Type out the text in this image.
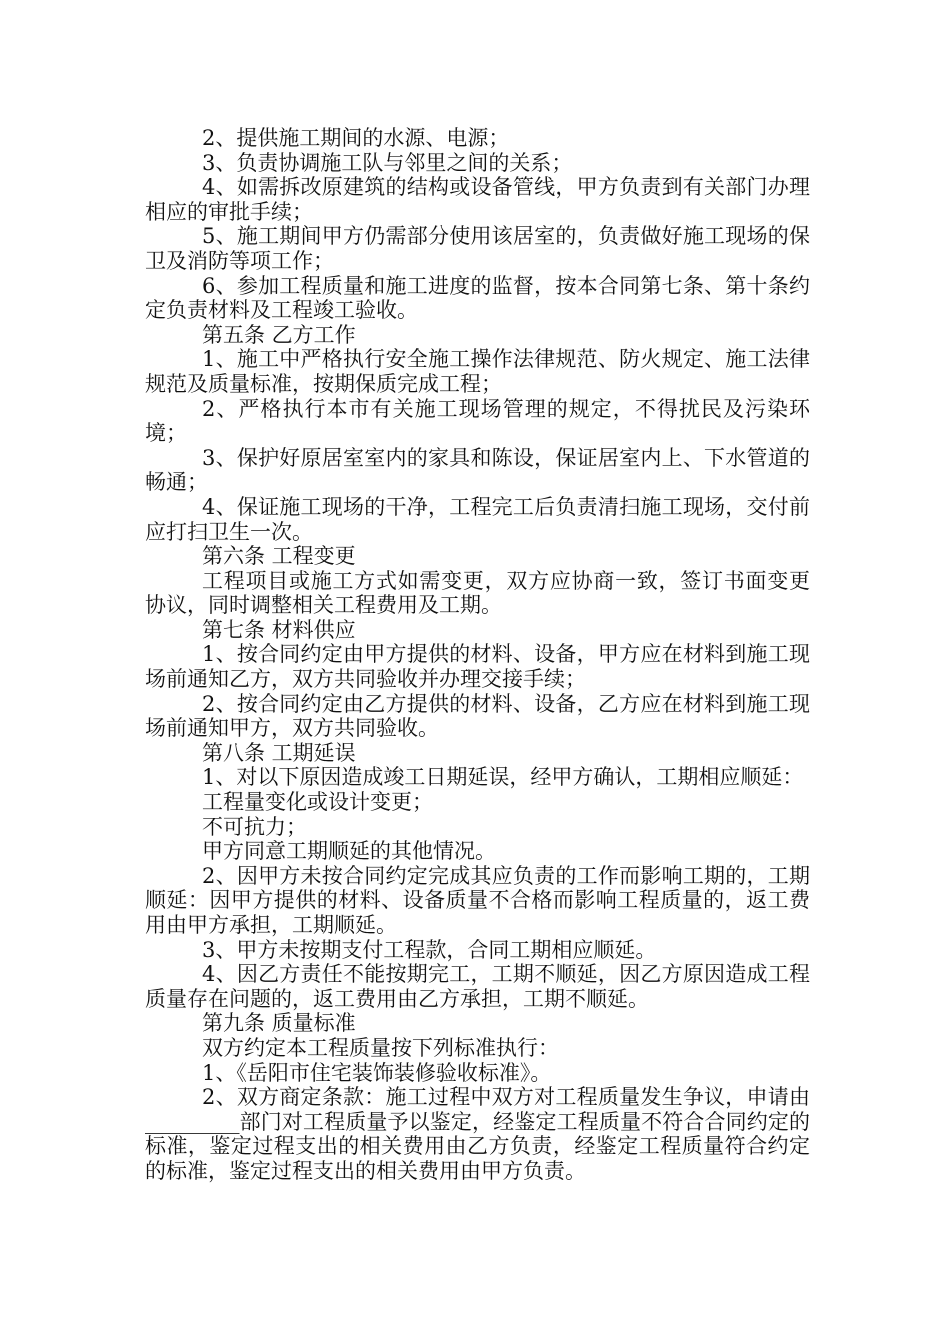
2、提供施工期间的水源、电源；

3、负责协调施工队与邻里之间的关系；

4、如需拆改原建筑的结构或设备管线，甲方负责到有关部门办理相应的审批手续；

5、施工期间甲方仍需部分使用该居室的，负责做好施工现场的保卫及消防等项工作；

6、参加工程质量和施工进度的监督，按本合同第七条、第十条约定负责材料及工程竣工验收。

第五条 乙方工作

1、施工中严格执行安全施工操作法律规范、防火规定、施工法律规范及质量标准，按期保质完成工程；

2、严格执行本市有关施工现场管理的规定，不得扰民及污染环境；

3、保护好原居室室内的家具和陈设，保证居室内上、下水管道的畅通；

4、保证施工现场的干净，工程完工后负责清扫施工现场，交付前应打扫卫生一次。

第六条 工程变更

工程项目或施工方式如需变更，双方应协商一致，签订书面变更协议，同时调整相关工程费用及工期。

第七条 材料供应

1、按合同约定由甲方提供的材料、设备，甲方应在材料到施工现场前通知乙方，双方共同验收并办理交接手续；

2、按合同约定由乙方提供的材料、设备，乙方应在材料到施工现场前通知甲方，双方共同验收。

第八条 工期延误

1、对以下原因造成竣工日期延误，经甲方确认，工期相应顺延：

工程量变化或设计变更；

不可抗力；

甲方同意工期顺延的其他情况。

2、因甲方未按合同约定完成其应负责的工作而影响工期的，工期顺延：因甲方提供的材料、设备质量不合格而影响工程质量的，返工费用由甲方承担，工期顺延。

3、甲方未按期支付工程款，合同工期相应顺延。

4、因乙方责任不能按期完工，工期不顺延，因乙方原因造成工程质量存在问题的，返工费用由乙方承担，工期不顺延。

第九条 质量标准

双方约定本工程质量按下列标准执行：

1、《岳阳市住宅装饰装修验收标准》。

2、双方商定条款：施工过程中双方对工程质量发生争议，申请由_________部门对工程质量予以鉴定，经鉴定工程质量不符合合同约定的标准，鉴定过程支出的相关费用由乙方负责，经鉴定工程质量符合约定的标准，鉴定过程支出的相关费用由甲方负责。
